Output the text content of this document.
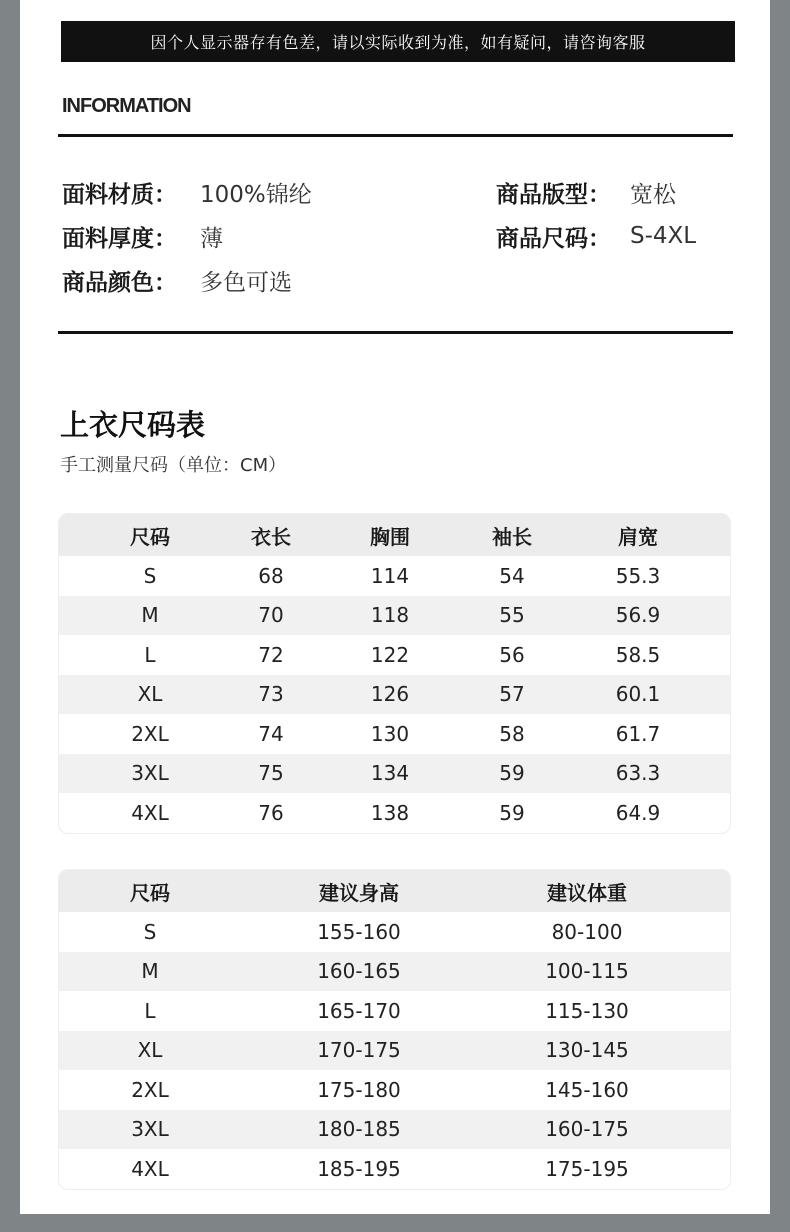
因个人显示器存有色差，请以实际收到为准，如有疑问，请咨询客服
INFORMATION
面料材质： 100%锦纶
面料厚度： 薄
商品颜色： 多色可选
商品版型： 宽松
商品尺码： S-4XL
上衣尺码表
手工测量尺码（单位：CM）
尺码	衣长	胸围	袖长	肩宽
S	68	114	54	55.3
M	70	118	55	56.9
L	72	122	56	58.5
XL	73	126	57	60.1
2XL	74	130	58	61.7
3XL	75	134	59	63.3
4XL	76	138	59	64.9
尺码	建议身高	建议体重
S	155-160	80-100
M	160-165	100-115
L	165-170	115-130
XL	170-175	130-145
2XL	175-180	145-160
3XL	180-185	160-175
4XL	185-195	175-195
